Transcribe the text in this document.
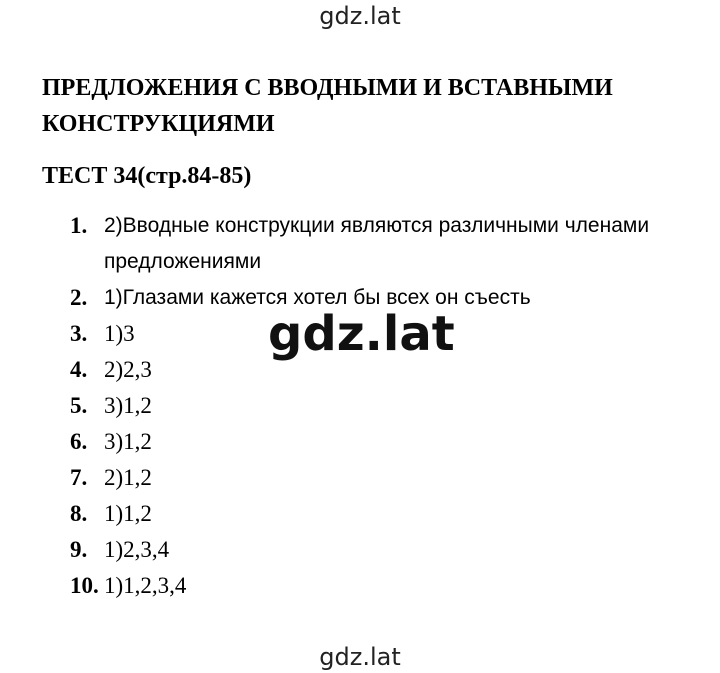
gdz.lat
ПРЕДЛОЖЕНИЯ С ВВОДНЫМИ И ВСТАВНЫМИ КОНСТРУКЦИЯМИ
ТЕСТ 34(стр.84-85)
1. 2)Вводные конструкции являются различными членами предложениями
2. 1)Глазами кажется хотел бы всех он съесть
3. 1)3
4. 2)2,3
5. 3)1,2
6. 3)1,2
7. 2)1,2
8. 1)1,2
9. 1)2,3,4
10. 1)1,2,3,4
gdz.lat
gdz.lat
